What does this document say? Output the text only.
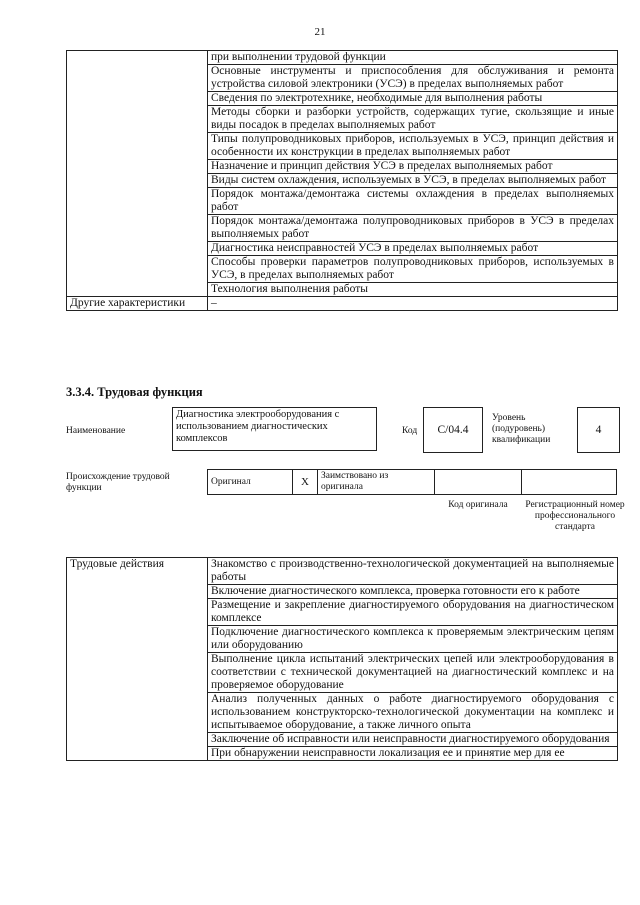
21
	при выполнении трудовой функции
	Основные инструменты и приспособления для обслуживания и ремонта устройства силовой электроники (УСЭ) в пределах выполняемых работ
	Сведения по электротехнике, необходимые для выполнения работы
	Методы сборки и разборки устройств, содержащих тугие, скользящие и иные виды посадок в пределах выполняемых работ
	Типы полупроводниковых приборов, используемых в УСЭ, принцип действия и особенности их конструкции в пределах выполняемых работ
	Назначение и принцип действия УСЭ в пределах выполняемых работ
	Виды систем охлаждения, используемых в УСЭ, в пределах выполняемых работ
	Порядок монтажа/демонтажа системы охлаждения в пределах выполняемых работ
	Порядок монтажа/демонтажа полупроводниковых приборов в УСЭ в пределах выполняемых работ
	Диагностика неисправностей УСЭ в пределах выполняемых работ
	Способы проверки параметров полупроводниковых приборов, используемых в УСЭ, в пределах выполняемых работ
	Технология выполнения работы
Другие характеристики	–
3.3.4. Трудовая функция
Наименование
Диагностика электрооборудования с использованием диагностических комплексов
Код	C/04.4
Уровень (подуровень) квалификации
4
Происхождение трудовой функции
Оригинал	X	Заимствовано из оригинала		
Код оригинала	Регистрационный номер профессионального стандарта
Трудовые действия	Знакомство с производственно-технологической документацией на выполняемые работы
Включение диагностического комплекса, проверка готовности его к работе
Размещение и закрепление диагностируемого оборудования на диагностическом комплексе
Подключение диагностического комплекса к проверяемым электрическим цепям или оборудованию
Выполнение цикла испытаний электрических цепей или электрооборудования в соответствии с технической документацией на диагностический комплекс и на проверяемое оборудование
Анализ полученных данных о работе диагностируемого оборудования с использованием конструкторско-технологической документации на комплекс и испытываемое оборудование, а также личного опыта
Заключение об исправности или неисправности диагностируемого оборудования
При обнаружении неисправности локализация ее и принятие мер для ее
